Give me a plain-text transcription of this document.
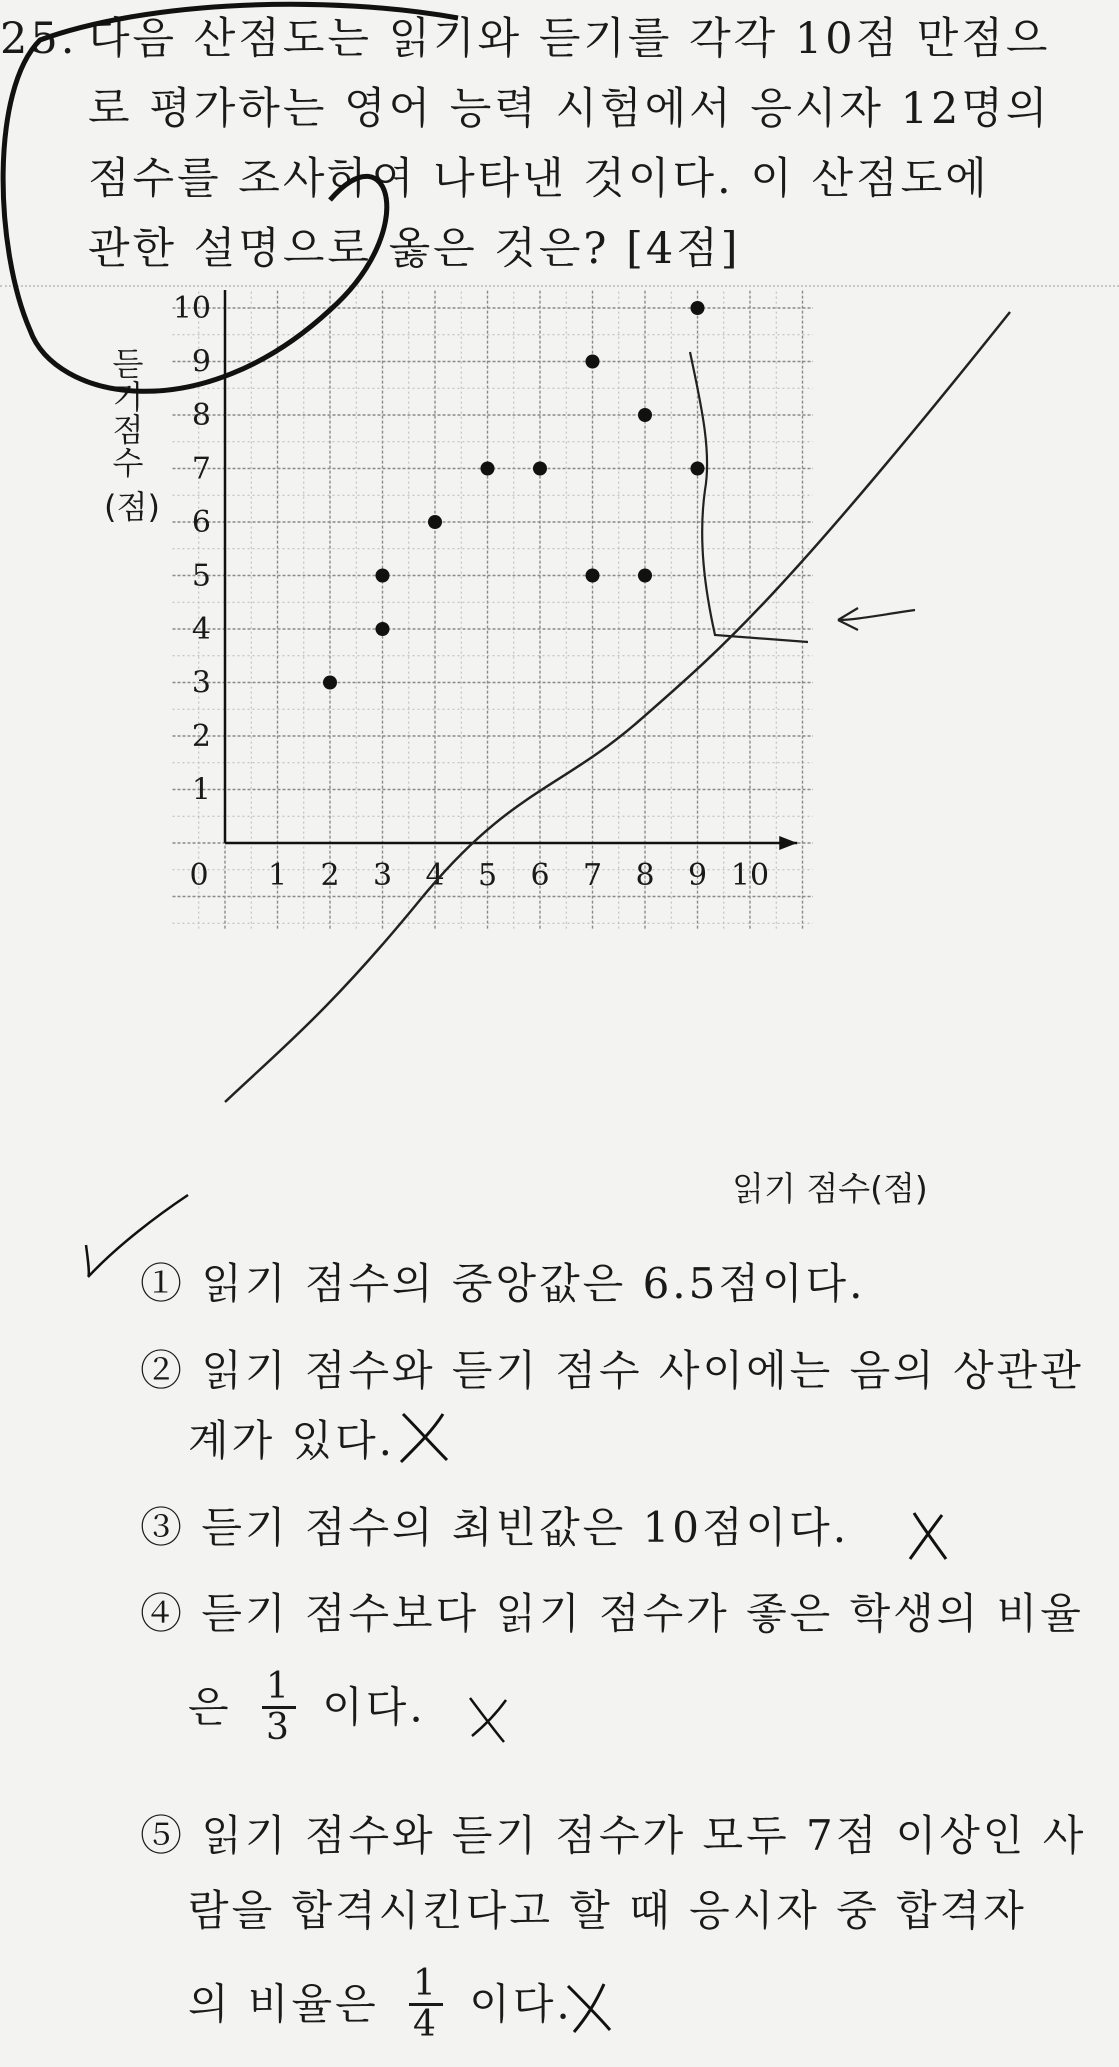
25. 다음 산점도는 읽기와 듣기를 각각 10점 만점으
로 평가하는 영어 능력 시험에서 응시자 12명의
점수를 조사하여 나타낸 것이다. 이 산점도에
관한 설명으로 옳은 것은? [4점]
0 1 2 3 4 5 6 7 8 9 10
1
2
3
4
5
6
7
8
9
10
듣
기
점
수
(점)
읽기 점수(점)
① 읽기 점수의 중앙값은 6.5점이다.
② 읽기 점수와 듣기 점수 사이에는 음의 상관관
계가 있다.
③ 듣기 점수의 최빈값은 10점이다.
④ 듣기 점수보다 읽기 점수가 좋은 학생의 비율
은 $\frac{1}{3}$ 이다.
⑤ 읽기 점수와 듣기 점수가 모두 7점 이상인 사
람을 합격시킨다고 할 때 응시자 중 합격자
의 비율은 $\frac{1}{4}$ 이다.
